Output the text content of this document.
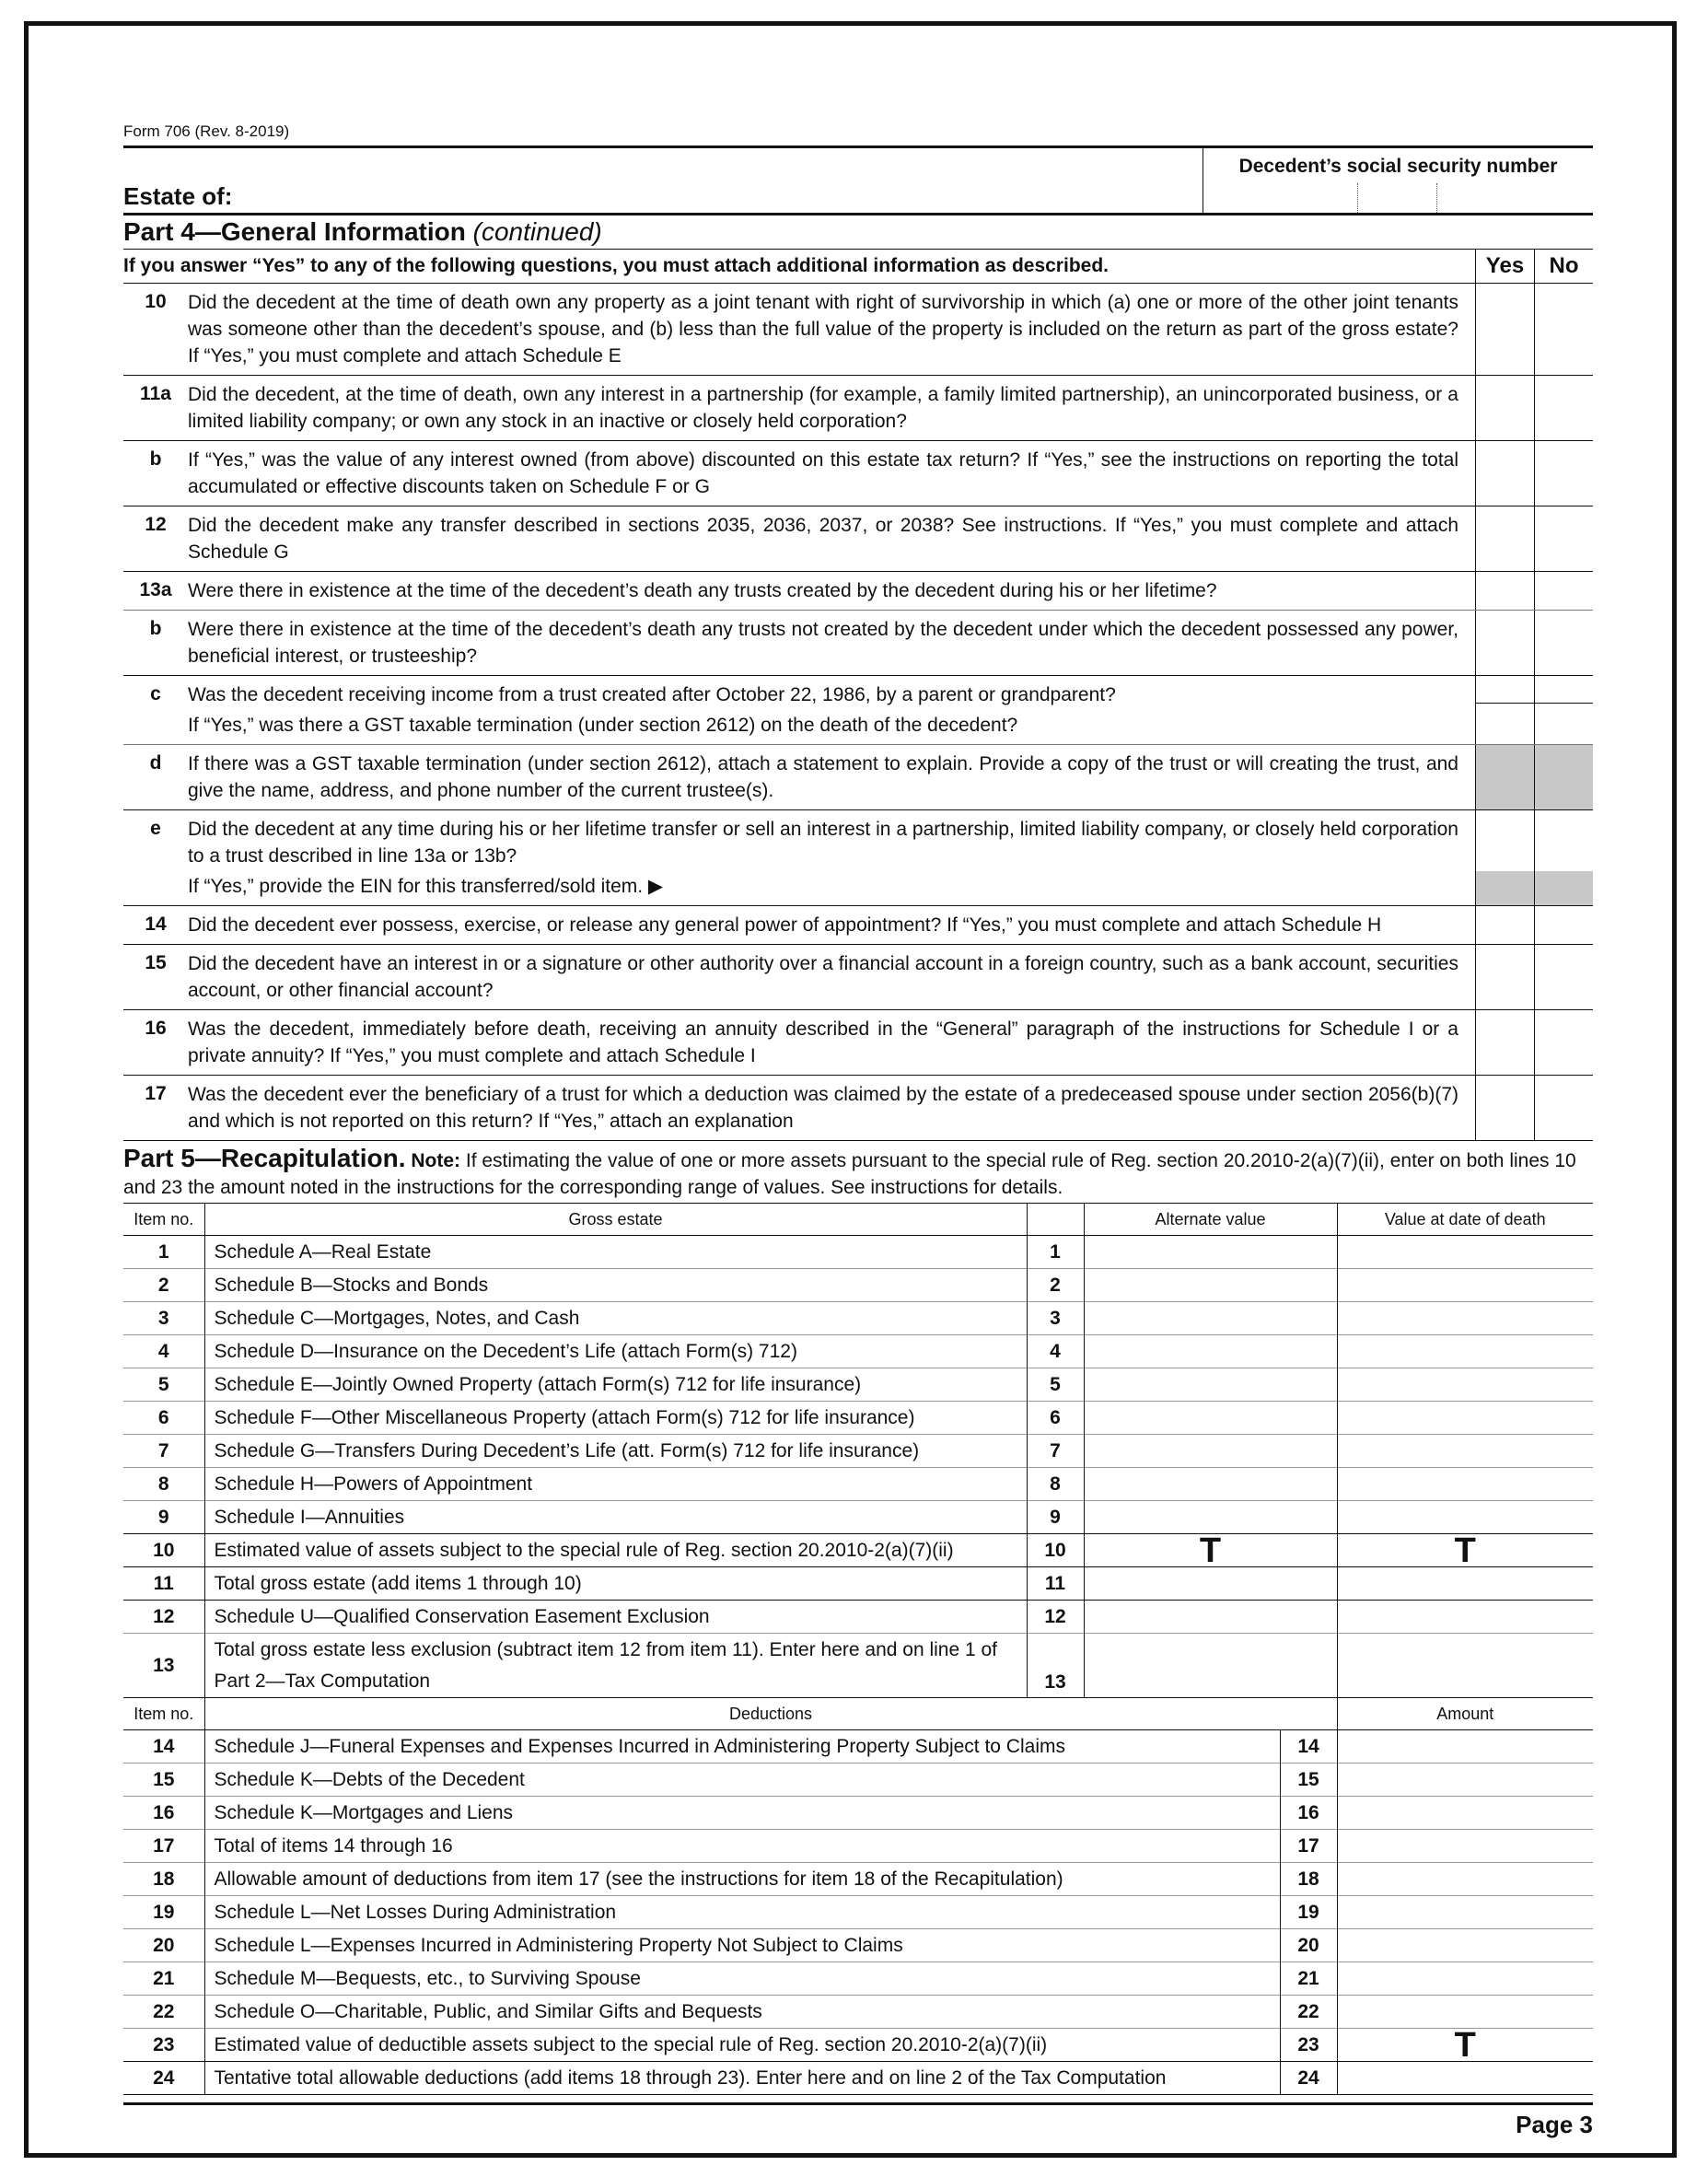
Form 706 (Rev. 8-2019)
Estate of:
Decedent’s social security number
Part 4—General Information (continued)
If you answer “Yes” to any of the following questions, you must attach additional information as described.	Yes	No
10	Did the decedent at the time of death own any property as a joint tenant with right of survivorship in which (a) one or more of the other joint tenants was someone other than the decedent’s spouse, and (b) less than the full value of the property is included on the return as part of the gross estate? If “Yes,” you must complete and attach Schedule E
11a Did the decedent, at the time of death, own any interest in a partnership (for example, a family limited partnership), an unincorporated business, or a limited liability company; or own any stock in an inactive or closely held corporation?
b	If “Yes,” was the value of any interest owned (from above) discounted on this estate tax return? If “Yes,” see the instructions on reporting the total accumulated or effective discounts taken on Schedule F or G
12	Did the decedent make any transfer described in sections 2035, 2036, 2037, or 2038? See instructions. If “Yes,” you must complete and attach Schedule G
13a Were there in existence at the time of the decedent’s death any trusts created by the decedent during his or her lifetime?
b	Were there in existence at the time of the decedent’s death any trusts not created by the decedent under which the decedent possessed any power, beneficial interest, or trusteeship?
c	Was the decedent receiving income from a trust created after October 22, 1986, by a parent or grandparent?
If “Yes,” was there a GST taxable termination (under section 2612) on the death of the decedent?
d	If there was a GST taxable termination (under section 2612), attach a statement to explain. Provide a copy of the trust or will creating the trust, and give the name, address, and phone number of the current trustee(s).
e	Did the decedent at any time during his or her lifetime transfer or sell an interest in a partnership, limited liability company, or closely held corporation to a trust described in line 13a or 13b?
If “Yes,” provide the EIN for this transferred/sold item. ▶
14	Did the decedent ever possess, exercise, or release any general power of appointment? If “Yes,” you must complete and attach Schedule H
15	Did the decedent have an interest in or a signature or other authority over a financial account in a foreign country, such as a bank account, securities account, or other financial account?
16	Was the decedent, immediately before death, receiving an annuity described in the “General” paragraph of the instructions for Schedule I or a private annuity? If “Yes,” you must complete and attach Schedule I
17	Was the decedent ever the beneficiary of a trust for which a deduction was claimed by the estate of a predeceased spouse under section 2056(b)(7) and which is not reported on this return? If “Yes,” attach an explanation
Part 5—Recapitulation. Note: If estimating the value of one or more assets pursuant to the special rule of Reg. section 20.2010-2(a)(7)(ii), enter on both lines 10 and 23 the amount noted in the instructions for the corresponding range of values. See instructions for details.
Item no.	Gross estate		Alternate value	Value at date of death
1	Schedule A—Real Estate	1		
2	Schedule B—Stocks and Bonds	2		
3	Schedule C—Mortgages, Notes, and Cash	3		
4	Schedule D—Insurance on the Decedent’s Life (attach Form(s) 712)	4		
5	Schedule E—Jointly Owned Property (attach Form(s) 712 for life insurance)	5		
6	Schedule F—Other Miscellaneous Property (attach Form(s) 712 for life insurance)	6		
7	Schedule G—Transfers During Decedent’s Life (att. Form(s) 712 for life insurance)	7		
8	Schedule H—Powers of Appointment	8		
9	Schedule I—Annuities	9		
10	Estimated value of assets subject to the special rule of Reg. section 20.2010-2(a)(7)(ii)	10	T	T
11	Total gross estate (add items 1 through 10)	11		
12	Schedule U—Qualified Conservation Easement Exclusion	12		
13	Total gross estate less exclusion (subtract item 12 from item 11). Enter here and on line 1 of Part 2—Tax Computation	13		
Item no.	Deductions		Amount
14	Schedule J—Funeral Expenses and Expenses Incurred in Administering Property Subject to Claims	14	
15	Schedule K—Debts of the Decedent	15	
16	Schedule K—Mortgages and Liens	16	
17	Total of items 14 through 16	17	
18	Allowable amount of deductions from item 17 (see the instructions for item 18 of the Recapitulation)	18	
19	Schedule L—Net Losses During Administration	19	
20	Schedule L—Expenses Incurred in Administering Property Not Subject to Claims	20	
21	Schedule M—Bequests, etc., to Surviving Spouse	21	
22	Schedule O—Charitable, Public, and Similar Gifts and Bequests	22	
23	Estimated value of deductible assets subject to the special rule of Reg. section 20.2010-2(a)(7)(ii)	23	T
24	Tentative total allowable deductions (add items 18 through 23). Enter here and on line 2 of the Tax Computation	24	
Page 3
